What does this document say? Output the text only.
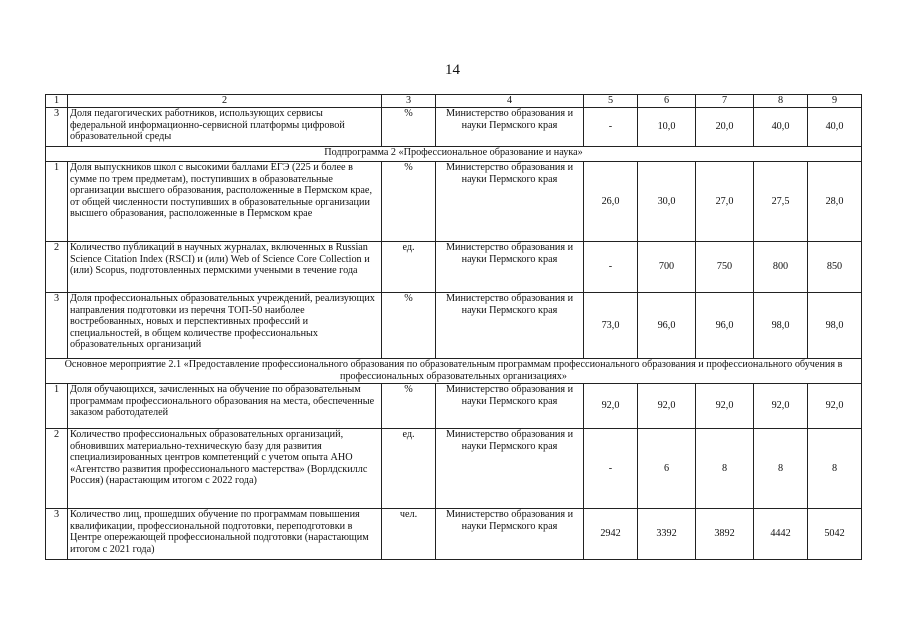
14
1	2	3	4	5	6	7	8	9
3	Доля педагогических работников, использующих сервисы федеральной информационно-сервисной платформы цифровой образовательной среды	%	Министерство образования и науки Пермского края	-	10,0	20,0	40,0	40,0
Подпрограмма 2 «Профессиональное образование и наука»								
1	Доля выпускников школ с высокими баллами ЕГЭ (225 и более в сумме по трем предметам), поступивших в образовательные организации высшего образования, расположенные в Пермском крае, от общей численности поступивших в образовательные организации высшего образования, расположенные в Пермском крае	%	Министерство образования и науки Пермского края	26,0	30,0	27,0	27,5	28,0
2	Количество публикаций в научных журналах, включенных в Russian Science Citation Index (RSCI) и (или) Web of Science Core Collection и (или) Scopus, подготовленных пермскими учеными в течение года	ед.	Министерство образования и науки Пермского края	-	700	750	800	850
3	Доля профессиональных образовательных учреждений, реализующих направления подготовки из перечня ТОП-50 наиболее востребованных, новых и перспективных профессий и специальностей, в общем количестве профессиональных образовательных организаций	%	Министерство образования и науки Пермского края	73,0	96,0	96,0	98,0	98,0
Основное мероприятие 2.1 «Предоставление профессионального образования по образовательным программам профессионального образования и профессионального обучения в профессиональных образовательных организациях»								
1	Доля обучающихся, зачисленных на обучение по образовательным программам профессионального образования на места, обеспеченные заказом работодателей	%	Министерство образования и науки Пермского края	92,0	92,0	92,0	92,0	92,0
2	Количество профессиональных образовательных организаций, обновивших материально-техническую базу для развития специализированных центров компетенций с учетом опыта АНО «Агентство развития профессионального мастерства» (Ворлдскиллс Россия) (нарастающим итогом с 2022 года)	ед.	Министерство образования и науки Пермского края	-	6	8	8	8
3	Количество лиц, прошедших обучение по программам повышения квалификации, профессиональной подготовки, переподготовки в Центре опережающей профессиональной подготовки (нарастающим итогом с 2021 года)	чел.	Министерство образования и науки Пермского края	2942	3392	3892	4442	5042
